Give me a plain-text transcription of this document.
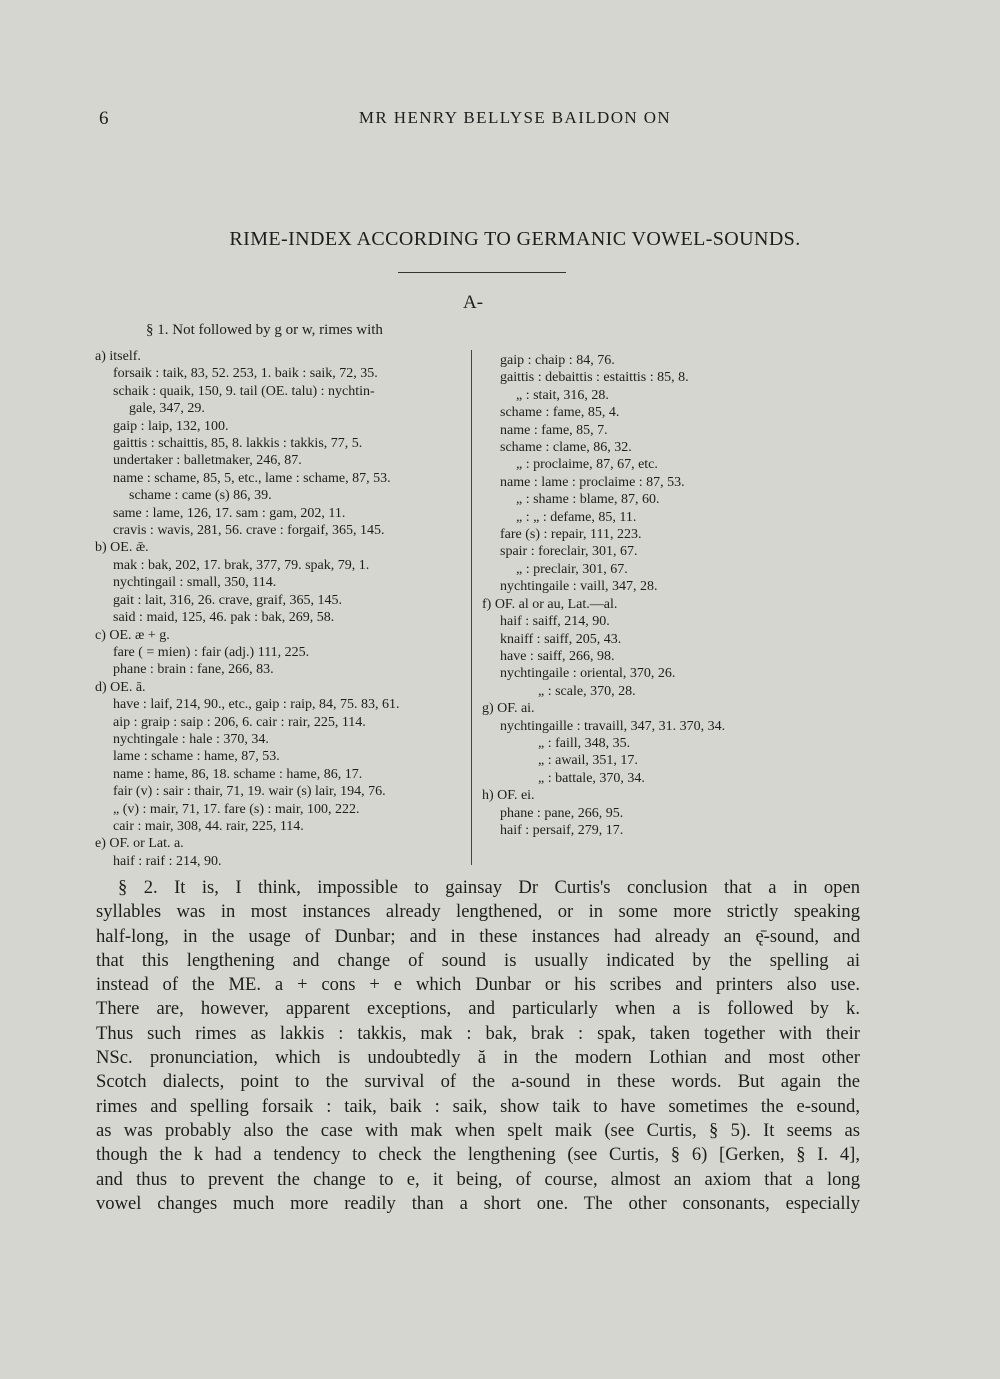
6	MR HENRY BELLYSE BAILDON ON
RIME-INDEX ACCORDING TO GERMANIC VOWEL-SOUNDS.
A-
§ 1. Not followed by g or w, rimes with
a) itself.
forsaik : taik, 83, 52. 253, 1. baik : saik, 72, 35.
schaik : quaik, 150, 9. tail (OE. talu) : nychtin-
gale, 347, 29.
gaip : laip, 132, 100.
gaittis : schaittis, 85, 8. lakkis : takkis, 77, 5.
undertaker : balletmaker, 246, 87.
name : schame, 85, 5, etc., lame : schame, 87, 53.
schame : came (s) 86, 39.
same : lame, 126, 17. sam : gam, 202, 11.
cravis : wavis, 281, 56. crave : forgaif, 365, 145.
b) OE. ǣ.
mak : bak, 202, 17. brak, 377, 79. spak, 79, 1.
nychtingail : small, 350, 114.
gait : lait, 316, 26. crave, graif, 365, 145.
said : maid, 125, 46. pak : bak, 269, 58.
c) OE. æ + g.
fare ( = mien) : fair (adj.) 111, 225.
phane : brain : fane, 266, 83.
d) OE. ā.
have : laif, 214, 90., etc., gaip : raip, 84, 75. 83, 61.
aip : graip : saip : 206, 6. cair : rair, 225, 114.
nychtingale : hale : 370, 34.
lame : schame : hame, 87, 53.
name : hame, 86, 18. schame : hame, 86, 17.
fair (v) : sair : thair, 71, 19. wair (s) lair, 194, 76.
„ (v) : mair, 71, 17. fare (s) : mair, 100, 222.
cair : mair, 308, 44. rair, 225, 114.
e) OF. or Lat. a.
haif : raif : 214, 90.
gaip : chaip : 84, 76.
gaittis : debaittis : estaittis : 85, 8.
„ : stait, 316, 28.
schame : fame, 85, 4.
name : fame, 85, 7.
schame : clame, 86, 32.
„ : proclaime, 87, 67, etc.
name : lame : proclaime : 87, 53.
„ : shame : blame, 87, 60.
„ : „ : defame, 85, 11.
fare (s) : repair, 111, 223.
spair : foreclair, 301, 67.
„ : preclair, 301, 67.
nychtingaile : vaill, 347, 28.
f) OF. al or au, Lat.—al.
haif : saiff, 214, 90.
knaiff : saiff, 205, 43.
have : saiff, 266, 98.
nychtingaile : oriental, 370, 26.
„ : scale, 370, 28.
g) OF. ai.
nychtingaille : travaill, 347, 31. 370, 34.
„ : faill, 348, 35.
„ : awail, 351, 17.
„ : battale, 370, 34.
h) OF. ei.
phane : pane, 266, 95.
haif : persaif, 279, 17.
§ 2. It is, I think, impossible to gainsay Dr Curtis's conclusion that a in open
syllables was in most instances already lengthened, or in some more strictly speaking
half-long, in the usage of Dunbar; and in these instances had already an ę̄-sound, and
that this lengthening and change of sound is usually indicated by the spelling ai
instead of the ME. a + cons + e which Dunbar or his scribes and printers also use.
There are, however, apparent exceptions, and particularly when a is followed by k.
Thus such rimes as lakkis : takkis, mak : bak, brak : spak, taken together with their
NSc. pronunciation, which is undoubtedly ă in the modern Lothian and most other
Scotch dialects, point to the survival of the a-sound in these words. But again the
rimes and spelling forsaik : taik, baik : saik, show taik to have sometimes the e-sound,
as was probably also the case with mak when spelt maik (see Curtis, § 5). It seems as
though the k had a tendency to check the lengthening (see Curtis, § 6) [Gerken, § I. 4],
and thus to prevent the change to e, it being, of course, almost an axiom that a long
vowel changes much more readily than a short one. The other consonants, especially
